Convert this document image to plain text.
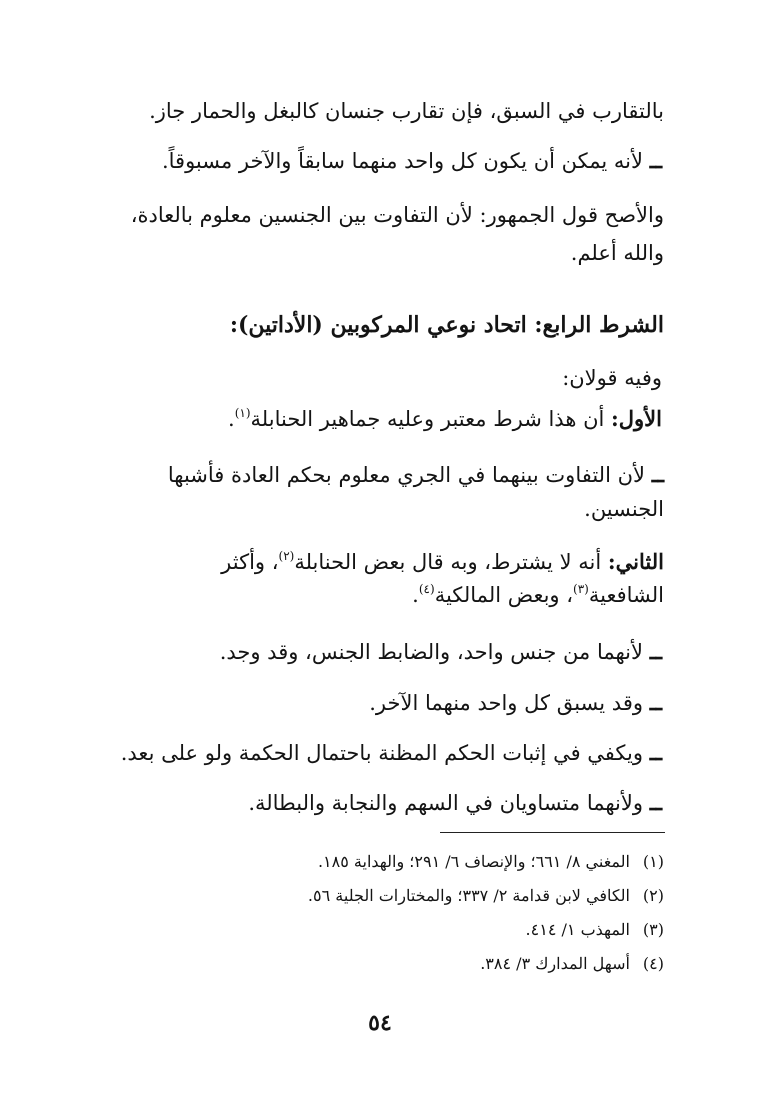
بالتقارب في السبق، فإن تقارب جنسان كالبغل والحمار جاز.
ــ لأنه يمكن أن يكون كل واحد منهما سابقاً والآخر مسبوقاً.
والأصح قول الجمهور: لأن التفاوت بين الجنسين معلوم بالعادة،
والله أعلم.
الشرط الرابع: اتحاد نوعي المركوبين (الأداتين):
وفيه قولان:
الأول: أن هذا شرط معتبر وعليه جماهير الحنابلة$^{(١)}$.
ــ لأن التفاوت بينهما في الجري معلوم بحكم العادة فأشبها
الجنسين.
الثاني: أنه لا يشترط، وبه قال بعض الحنابلة$^{(٢)}$، وأكثر
الشافعية$^{(٣)}$، وبعض المالكية$^{(٤)}$.
ــ لأنهما من جنس واحد، والضابط الجنس، وقد وجد.
ــ وقد يسبق كل واحد منهما الآخر.
ــ ويكفي في إثبات الحكم المظنة باحتمال الحكمة ولو على بعد.
ــ ولأنهما متساويان في السهم والنجابة والبطالة.
(١)المغني ٨/ ٦٦١؛ والإنصاف ٦/ ٢٩١؛ والهداية ١٨٥.
(٢)الكافي لابن قدامة ٢/ ٣٣٧؛ والمختارات الجلية ٥٦.
(٣)المهذب ١/ ٤١٤.
(٤)أسهل المدارك ٣/ ٣٨٤.
٥٤
